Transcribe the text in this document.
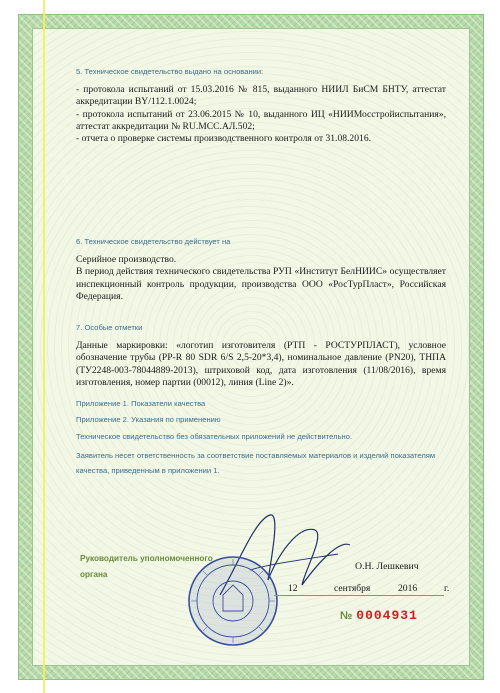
5. Техническое свидетельство выдано на основании:

- протокола испытаний от 15.03.2016 № 815, выданного НИИЛ БиСМ БНТУ, аттестат аккредитации BY/112.1.0024;

- протокола испытаний от 23.06.2015 № 10, выданного ИЦ «НИИМосстройиспытания», аттестат аккредитации № RU.МСС.АЛ.502;

- отчета о проверке системы производственного контроля от 31.08.2016.

6. Техническое свидетельство действует на

Серийное производство.

В период действия технического свидетельства РУП «Институт БелНИИС» осуществляет инспекционный контроль продукции, производства ООО «РосТурПласт», Российская Федерация.

7. Особые отметки

Данные маркировки: «логотип изготовителя (РТП - РОСТУРПЛАСТ), условное обозначение трубы (PP-R 80 SDR 6/S 2,5-20*3,4), номинальное давление (PN20), ТНПА (ТУ2248-003-78044889-2013), штриховой код, дата изготовления (11/08/2016), время изготовления, номер партии (00012), линия (Line 2)».

Приложение 1. Показатели качества

Приложение 2. Указания по применению

Техническое свидетельство без обязательных приложений не действительно.

Заявитель несет ответственность за соответствие поставляемых материалов и изделий показателям качества, приведенным в приложении 1.

Руководитель уполномоченного
органа
О.Н. Лешкевич
12	сентября	2016	г.
№ 0004931
